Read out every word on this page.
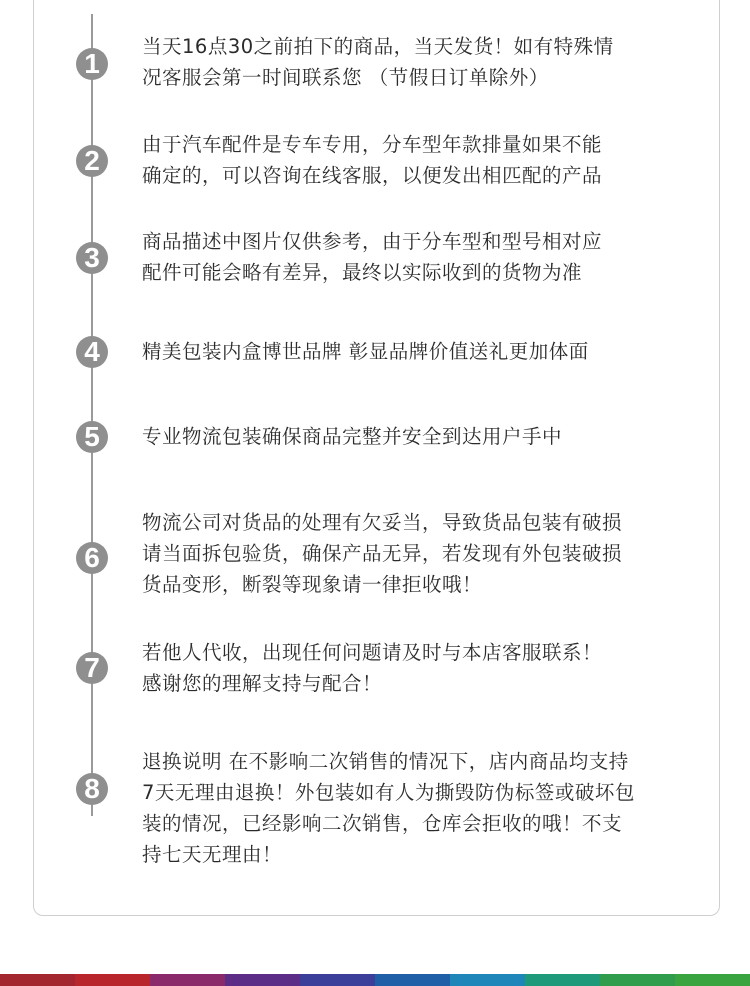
1

当天16点30之前拍下的商品，当天发货！如有特殊情
况客服会第一时间联系您 （节假日订单除外）

2

由于汽车配件是专车专用，分车型年款排量如果不能
确定的，可以咨询在线客服，以便发出相匹配的产品

3

商品描述中图片仅供参考，由于分车型和型号相对应
配件可能会略有差异，最终以实际收到的货物为准

4	精美包装内盒博世品牌 彰显品牌价值送礼更加体面

5	专业物流包装确保商品完整并安全到达用户手中

6

物流公司对货品的处理有欠妥当，导致货品包装有破损
请当面拆包验货，确保产品无异，若发现有外包装破损
货品变形，断裂等现象请一律拒收哦！

7	若他人代收，出现任何问题请及时与本店客服联系！
感谢您的理解支持与配合！

8

退换说明 在不影响二次销售的情况下，店内商品均支持
7天无理由退换！外包装如有人为撕毁防伪标签或破坏包
装的情况，已经影响二次销售，仓库会拒收的哦！不支
持七天无理由！
